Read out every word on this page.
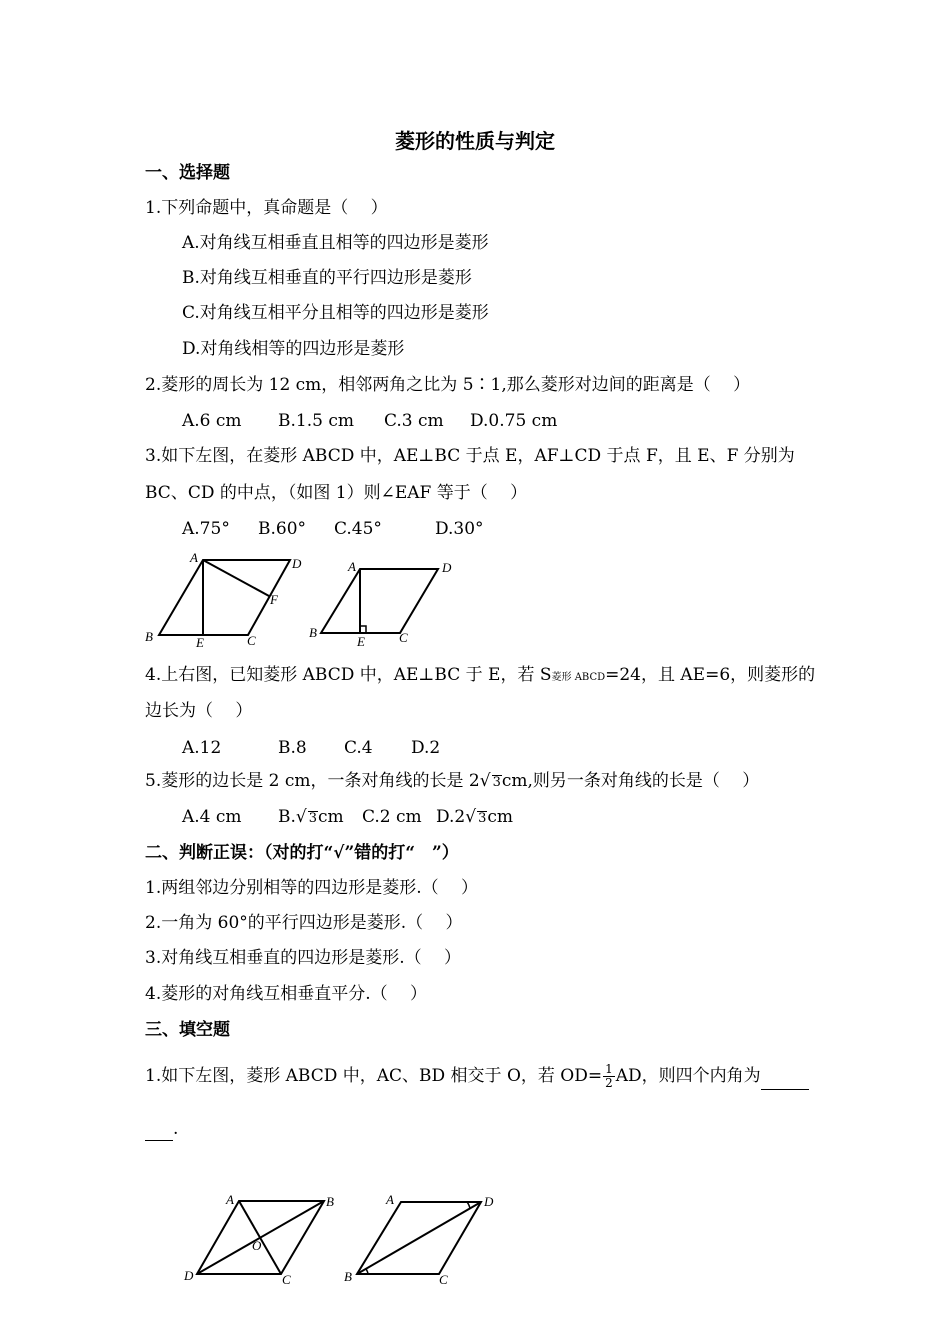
菱形的性质与判定
一、选择题
1.下列命题中，真命题是（　 ）
A.对角线互相垂直且相等的四边形是菱形
B.对角线互相垂直的平行四边形是菱形
C.对角线互相平分且相等的四边形是菱形
D.对角线相等的四边形是菱形
2.菱形的周长为 12 cm，相邻两角之比为 5∶1,那么菱形对边间的距离是（　 ）
A.6 cm B.1.5 cm C.3 cm D.0.75 cm
3.如下左图，在菱形 ABCD 中，AE⊥BC 于点 E，AF⊥CD 于点 F，且 E、F 分别为
BC、CD 的中点，（如图 1）则∠EAF 等于（　 ）
A.75° B.60° C.45°	D.30°
A	D
F
B	E	C
A	D
B
E	C
4.上右图，已知菱形 ABCD 中，AE⊥BC 于 E，若 S菱形 ABCD=24，且 AE=6，则菱形的
边长为（　 ）
A.12	B.8 C.4 D.2
5.菱形的边长是 2 cm，一条对角线的长是 2√ 3cm,则另一条对角线的长是（　 ）
A.4 cm B.√ 3cm C.2 cm D.2√ 3cm
二、判断正误：（对的打“√”错的打“　”）
1.两组邻边分别相等的四边形是菱形.（　 ）
2.一角为 60°的平行四边形是菱形.（　 ）
3.对角线互相垂直的四边形是菱形.（　 ）
4.菱形的对角线互相垂直平分.（　 ）
三、填空题
1.如下左图，菱形 ABCD 中，AC、BD 相交于 O，若 $OD= \frac{1}{2}$ AD，则四个内角为
.
A	B
O
D	C
A	D
B	C
